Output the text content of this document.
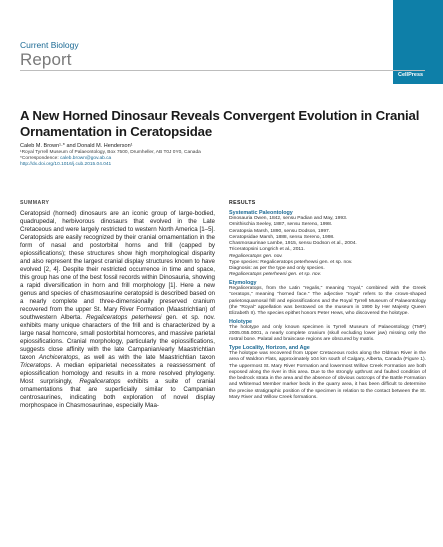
Current Biology
Report
CellPress
A New Horned Dinosaur Reveals Convergent Evolution in Cranial Ornamentation in Ceratopsidae
Caleb M. Brown¹·* and Donald M. Henderson¹
¹Royal Tyrrell Museum of Palaeontology, Box 7500, Drumheller, AB T0J 0Y0, Canada
*Correspondence: caleb.brown@gov.ab.ca
http://dx.doi.org/10.1016/j.cub.2015.04.041
SUMMARY

Ceratopsid (horned) dinosaurs are an iconic group of large-bodied, quadrupedal, herbivorous dinosaurs that evolved in the Late Cretaceous and were largely restricted to western North America [1–5]. Ceratopsids are easily recognized by their cranial ornamentation in the form of nasal and postorbital horns and frill (capped by epiossifications); these structures show high morphological disparity and also represent the largest cranial display structures known to have evolved [2, 4]. Despite their restricted occurrence in time and space, this group has one of the best fossil records within Dinosauria, showing a rapid diversification in horn and frill morphology [1]. Here a new genus and species of chasmosaurine ceratopsid is described based on a nearly complete and three-dimensionally preserved cranium recovered from the upper St. Mary River Formation (Maastrichtian) of southwestern Alberta. Regaliceratops peterhewsi gen. et sp. nov. exhibits many unique characters of the frill and is characterized by a large nasal horncore, small postorbital horncores, and massive parietal epiossifications. Cranial morphology, particularly the epiossifications, suggests close affinity with the late Campanian/early Maastrichtian taxon Anchiceratops, as well as with the late Maastrichtian taxon Triceratops. A median epiparietal necessitates a reassessment of epiossification homology and results in a more resolved phylogeny. Most surprisingly, Regaliceratops exhibits a suite of cranial ornamentations that are superficially similar to Campanian centrosaurines, indicating both exploration of novel display morphospace in Chasmosaurinae, especially Maa-

RESULTS
Systematic Paleontology

Dinosauria Owen, 1842, sensu Padian and May, 1993.

Ornithischia Seeley, 1887, sensu Sereno, 1998.

Ceratopsia Marsh, 1890, sensu Dodson, 1997.

Ceratopsidae Marsh, 1888, sensu Sereno, 1998.

Chasmosaurinae Lambe, 1915, sensu Dodson et al., 2004.

Triceratopsini Longrich et al., 2011.

Regaliceratops gen. nov.

Type species: Regaliceratops peterhewsi gen. et sp. nov.

Diagnosis: as per the type and only species.

Regaliceratops peterhewsi gen. et sp. nov.

Etymology

Regaliceratops, from the Latin "regalis," meaning "royal," combined with the Greek "ceratops," meaning "horned face." The adjective "royal" refers to the crown-shaped parietosquamosal frill and epiossifications and the Royal Tyrrell Museum of Palaeontology (the "Royal" appellation was bestowed on the museum in 1990 by Her Majesty Queen Elizabeth II). The species epithet honors Peter Hews, who discovered the holotype.

Holotype

The holotype and only known specimen is Tyrrell Museum of Palaeontology (TMP) 2005.055.0001, a nearly complete cranium (skull excluding lower jaw) missing only the rostral bone. Palatal and braincase regions are obscured by matrix.

Type Locality, Horizon, and Age

The holotype was recovered from Upper Cretaceous rocks along the Oldman River in the area of Waldron Flats, approximately 104 km south of Calgary, Alberta, Canada (Figure 1). The uppermost St. Mary River Formation and lowermost Willow Creek Formation are both exposed along the river in this area. Due to the strongly upthrust and faulted condition of the bedrock strata in the area and the absence of obvious outcrops of the Battle Formation and Whitemud Member marker beds in the quarry area, it has been difficult to determine the precise stratigraphic position of the specimen in relation to the contact between the St. Mary River and Willow Creek formations.
